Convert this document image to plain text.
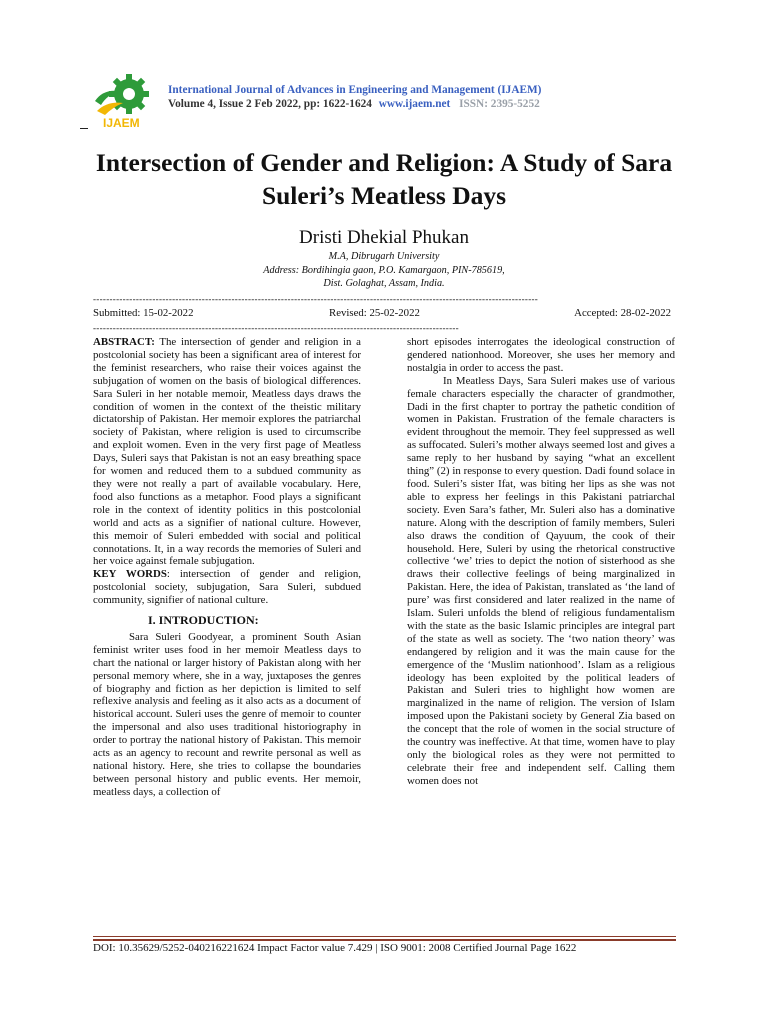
IJAEM
International Journal of Advances in Engineering and Management (IJAEM)
Volume 4, Issue 2 Feb 2022, pp: 1622-1624 www.ijaem.net ISSN: 2395-5252
Intersection of Gender and Religion: A Study of Sara Suleri’s Meatless Days
Dristi Dhekial Phukan
M.A, Dibrugarh University
Address: Bordihingia gaon, P.O. Kamargaon, PIN-785619,
Dist. Golaghat, Assam, India.
---------------------------------------------------------------------------------------------------------------------------------------
Submitted: 15-02-2022	Revised: 25-02-2022	Accepted: 28-02-2022
---------------------------------------------------------------------------------------------------------------

ABSTRACT: The intersection of gender and religion in a postcolonial society has been a significant area of interest for the feminist researchers, who raise their voices against the subjugation of women on the basis of biological differences. Sara Suleri in her notable memoir, Meatless days draws the condition of women in the context of the theistic military dictatorship of Pakistan. Her memoir explores the patriarchal society of Pakistan, where religion is used to circumscribe and exploit women. Even in the very first page of Meatless Days, Suleri says that Pakistan is not an easy breathing space for women and reduced them to a subdued community as they were not really a part of available vocabulary. Here, food also functions as a metaphor. Food plays a significant role in the context of identity politics in this postcolonial world and acts as a signifier of national culture. However, this memoir of Suleri embedded with social and political connotations. It, in a way records the memories of Suleri and her voice against female subjugation.

KEY WORDS: intersection of gender and religion, postcolonial society, subjugation, Sara Suleri, subdued community, signifier of national culture.

I. INTRODUCTION:

Sara Suleri Goodyear, a prominent South Asian feminist writer uses food in her memoir Meatless days to chart the national or larger history of Pakistan along with her personal memory where, she in a way, juxtaposes the genres of biography and fiction as her depiction is limited to self reflexive analysis and feeling as it also acts as a document of historical account. Suleri uses the genre of memoir to counter the impersonal and also uses traditional historiography in order to portray the national history of Pakistan. This memoir acts as an agency to recount and rewrite personal as well as national history. Here, she tries to collapse the boundaries between personal history and public events. Her memoir, meatless days, a collection of

short episodes interrogates the ideological construction of gendered nationhood. Moreover, she uses her memory and nostalgia in order to access the past.

In Meatless Days, Sara Suleri makes use of various female characters especially the character of grandmother, Dadi in the first chapter to portray the pathetic condition of women in Pakistan. Frustration of the female characters is evident throughout the memoir. They feel suppressed as well as suffocated. Suleri’s mother always seemed lost and gives a same reply to her husband by saying “what an excellent thing” (2) in response to every question. Dadi found solace in food. Suleri’s sister Ifat, was biting her lips as she was not able to express her feelings in this Pakistani patriarchal society. Even Sara’s father, Mr. Suleri also has a dominative nature. Along with the description of family members, Suleri also draws the condition of Qayuum, the cook of their household. Here, Suleri by using the rhetorical constructive collective ‘we’ tries to depict the notion of sisterhood as she draws their collective feelings of being marginalized in Pakistan. Here, the idea of Pakistan, translated as ‘the land of pure’ was first considered and later realized in the name of Islam. Suleri unfolds the blend of religious fundamentalism with the state as the basic Islamic principles are integral part of the state as well as society. The ‘two nation theory’ was endangered by religion and it was the main cause for the emergence of the ‘Muslim nationhood’. Islam as a religious ideology has been exploited by the political leaders of Pakistan and Suleri tries to highlight how women are marginalized in the name of religion. The version of Islam imposed upon the Pakistani society by General Zia based on the concept that the role of women in the social structure of the country was ineffective. At that time, women have to play only the biological roles as they were not permitted to celebrate their free and independent self. Calling them women does not

DOI: 10.35629/5252-040216221624 Impact Factor value 7.429 | ISO 9001: 2008 Certified Journal Page 1622
